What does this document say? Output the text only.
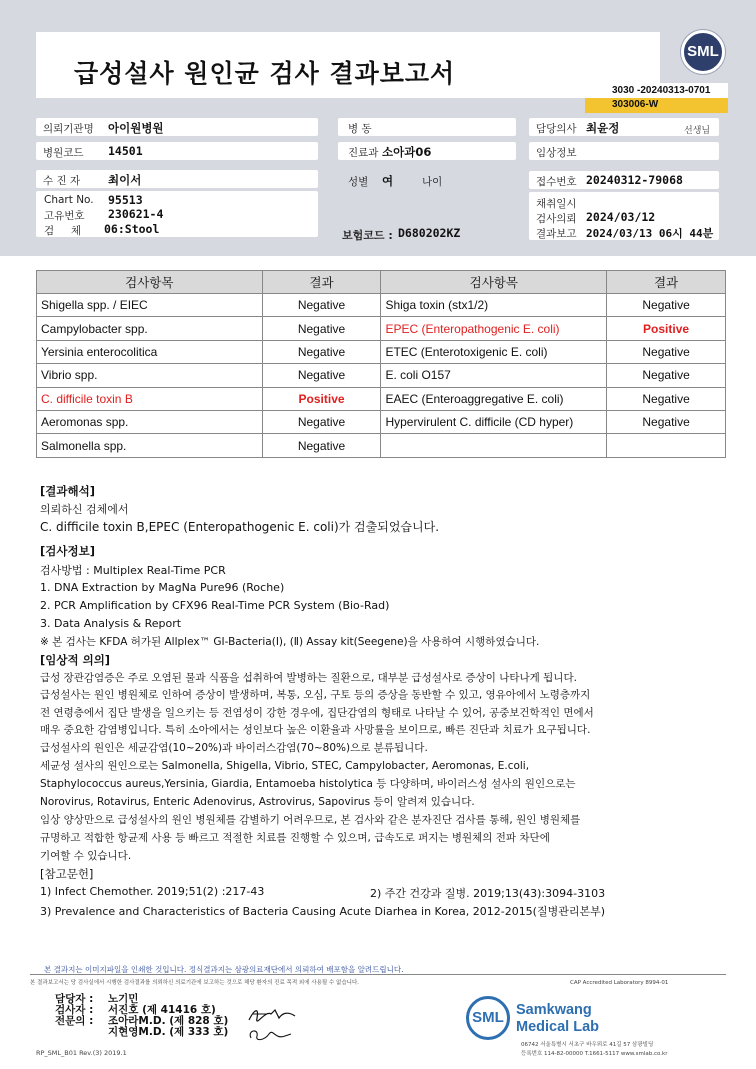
급성설사 원인균 검사 결과보고서
SML
3030 -20240313-0701
303006-W
의뢰기관명 아이원병원
병원코드 14501
수 진 자 최이서
Chart No. 95513
고유번호 230621-4
검     체 06:Stool
병 동
진료과 소아과06
성별 여	나이
보험코드 : D680202KZ
담당의사 최윤정	선생님
임상정보
접수번호 20240312-79068
채취일시
검사의뢰 2024/03/12
결과보고 2024/03/13 06시 44분
검사항목	결과	검사항목	결과
Shigella spp. / EIEC	Negative	Shiga toxin (stx1/2)	Negative
Campylobacter spp.	Negative	EPEC (Enteropathogenic E. coli)	Positive
Yersinia enterocolitica	Negative	ETEC (Enterotoxigenic E. coli)	Negative
Vibrio spp.	Negative	E. coli O157	Negative
C. difficile toxin B	Positive	EAEC (Enteroaggregative E. coli)	Negative
Aeromonas spp.	Negative	Hypervirulent C. difficile (CD hyper)	Negative
Salmonella spp.	Negative		
[결과해석]
의뢰하신 검체에서
C. difficile toxin B,EPEC (Enteropathogenic E. coli)가 검출되었습니다.
[검사정보]
검사방법 : Multiplex Real-Time PCR
1. DNA Extraction by MagNa Pure96 (Roche)
2. PCR Amplification by CFX96 Real-Time PCR System (Bio-Rad)
3. Data Analysis & Report
※ 본 검사는 KFDA 허가된 Allplex™ GI-Bacteria(Ⅰ), (Ⅱ) Assay kit(Seegene)을 사용하여 시행하였습니다.
[임상적 의의]
급성 장관감염증은 주로 오염된 물과 식품을 섭취하여 발병하는 질환으로, 대부분 급성설사로 증상이 나타나게 됩니다.
급성설사는 원인 병원체로 인하여 증상이 발생하며, 복통, 오심, 구토 등의 증상을 동반할 수 있고, 영유아에서 노령층까지
전 연령층에서 집단 발생을 일으키는 등 전염성이 강한 경우에, 집단감염의 형태로 나타날 수 있어, 공중보건학적인 면에서
매우 중요한 감염병입니다. 특히 소아에서는 성인보다 높은 이환율과 사망률을 보이므로, 빠른 진단과 치료가 요구됩니다.
급성설사의 원인은 세균감염(10~20%)과 바이러스감염(70~80%)으로 분류됩니다.
세균성 설사의 원인으로는 Salmonella, Shigella, Vibrio, STEC, Campylobacter, Aeromonas, E.coli,
Staphylococcus aureus,Yersinia, Giardia, Entamoeba histolytica 등 다양하며, 바이러스성 설사의 원인으로는
Norovirus, Rotavirus, Enteric Adenovirus, Astrovirus, Sapovirus 등이 알려져 있습니다.
임상 양상만으로 급성설사의 원인 병원체를 감별하기 어려우므로, 본 검사와 같은 분자진단 검사를 통해, 원인 병원체를
규명하고 적합한 항균제 사용 등 빠르고 적절한 치료를 진행할 수 있으며, 급속도로 퍼지는 병원체의 전파 차단에
기여할 수 있습니다.
[참고문헌]
1) Infect Chemother. 2019;51(2) :217-43	2) 주간 건강과 질병. 2019;13(43):3094-3103
3) Prevalence and Characteristics of Bacteria Causing Acute Diarhea in Korea, 2012-2015(질병관리본부)
본 결과지는 이미지파일을 인쇄한 것입니다. 정식결과지는 삼광의료재단에서 의뢰하여 배포함을 알려드립니다.
본 결과보고서는 당 검사실에서 시행한 검사결과를 의뢰하신 의료기관에 보고하는 것으로 해당 환자의 진료 목적 외에 사용될 수 없습니다.	CAP Accredited Laboratory 8994-01
담당자 : 노기민
검사자 : 서진호 (제 41416 호)
전문의 : 조아라M.D. (제 828 호)
지현영M.D. (제 333 호)
SML Samkwang
Medical Lab
06742 서울특별시 서초구 바우뫼로 41길 57 삼광빌딩
등록번호 114-82-00000 T.1661-5117 www.smlab.co.kr
RP_SML_B01 Rev.(3) 2019.1
